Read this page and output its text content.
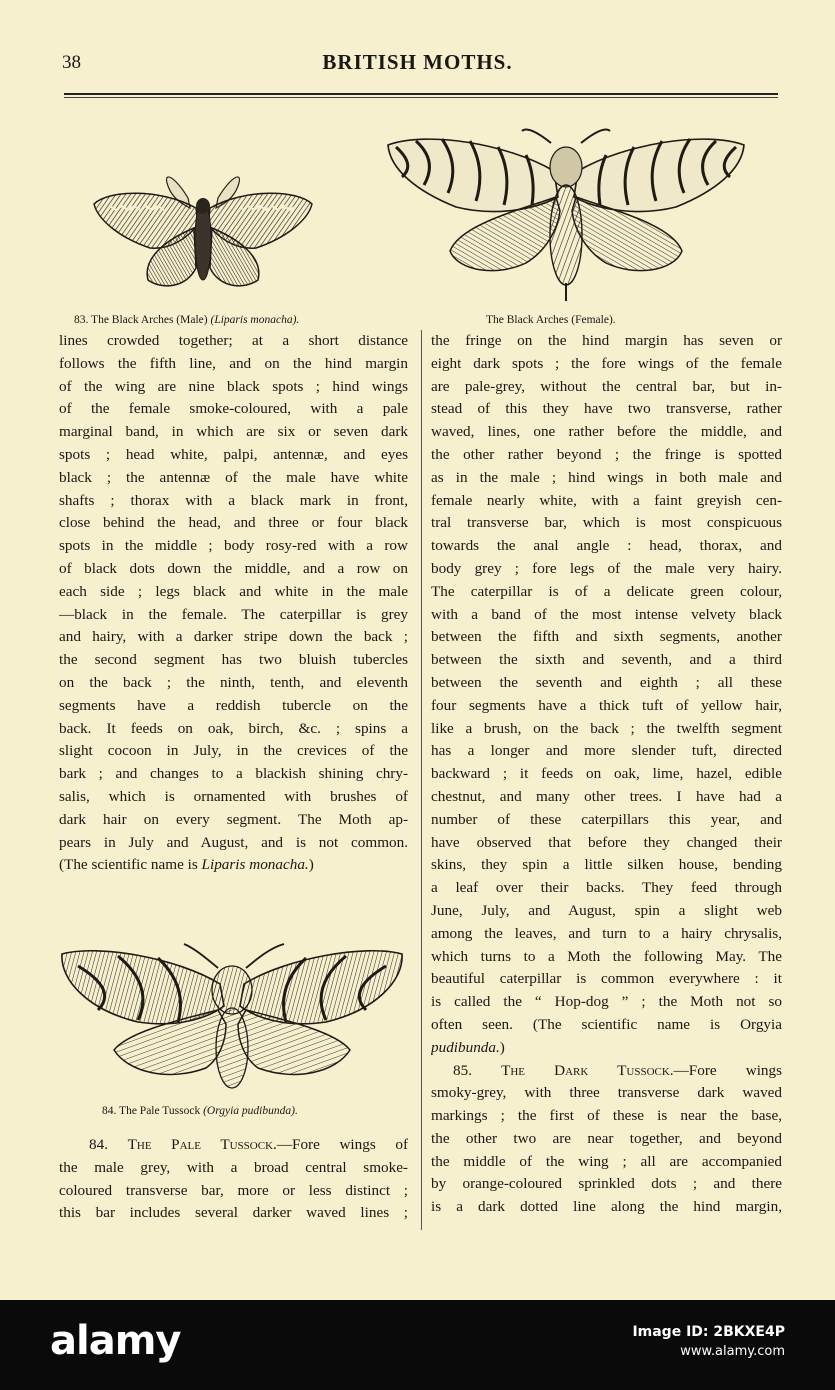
38	BRITISH MOTHS.
83. The Black Arches (Male) (Liparis monacha).	The Black Arches (Female).
lines crowded together; at a short distance
follows the fifth line, and on the hind margin
of the wing are nine black spots ; hind wings
of the female smoke-coloured, with a pale
marginal band, in which are six or seven dark
spots ; head white, palpi, antennæ, and eyes
black ; the antennæ of the male have white
shafts ; thorax with a black mark in front,
close behind the head, and three or four black
spots in the middle ; body rosy-red with a row
of black dots down the middle, and a row on
each side ; legs black and white in the male
—black in the female. The caterpillar is grey
and hairy, with a darker stripe down the back ;
the second segment has two bluish tubercles
on the back ; the ninth, tenth, and eleventh
segments have a reddish tubercle on the
back. It feeds on oak, birch, &c. ; spins a
slight cocoon in July, in the crevices of the
bark ; and changes to a blackish shining chry-
salis, which is ornamented with brushes of
dark hair on every segment. The Moth ap-
pears in July and August, and is not common.
(The scientific name is Liparis monacha.)
84. The Pale Tussock (Orgyia pudibunda).
84. The Pale Tussock.—Fore wings of
the male grey, with a broad central smoke-
coloured transverse bar, more or less distinct ;
this bar includes several darker waved lines ;
the fringe on the hind margin has seven or
eight dark spots ; the fore wings of the female
are pale-grey, without the central bar, but in-
stead of this they have two transverse, rather
waved, lines, one rather before the middle, and
the other rather beyond ; the fringe is spotted
as in the male ; hind wings in both male and
female nearly white, with a faint greyish cen-
tral transverse bar, which is most conspicuous
towards the anal angle : head, thorax, and
body grey ; fore legs of the male very hairy.
The caterpillar is of a delicate green colour,
with a band of the most intense velvety black
between the fifth and sixth segments, another
between the sixth and seventh, and a third
between the seventh and eighth ; all these
four segments have a thick tuft of yellow hair,
like a brush, on the back ; the twelfth segment
has a longer and more slender tuft, directed
backward ; it feeds on oak, lime, hazel, edible
chestnut, and many other trees. I have had a
number of these caterpillars this year, and
have observed that before they changed their
skins, they spin a little silken house, bending
a leaf over their backs. They feed through
June, July, and August, spin a slight web
among the leaves, and turn to a hairy chrysalis,
which turns to a Moth the following May. The
beautiful caterpillar is common everywhere : it
is called the “ Hop-dog ” ; the Moth not so
often seen. (The scientific name is Orgyia
pudibunda.)
85. The Dark Tussock.—Fore wings
smoky-grey, with three transverse dark waved
markings ; the first of these is near the base,
the other two are near together, and beyond
the middle of the wing ; all are accompanied
by orange-coloured sprinkled dots ; and there
is a dark dotted line along the hind margin,
alamy	Image ID: 2BKXE4P
www.alamy.com
